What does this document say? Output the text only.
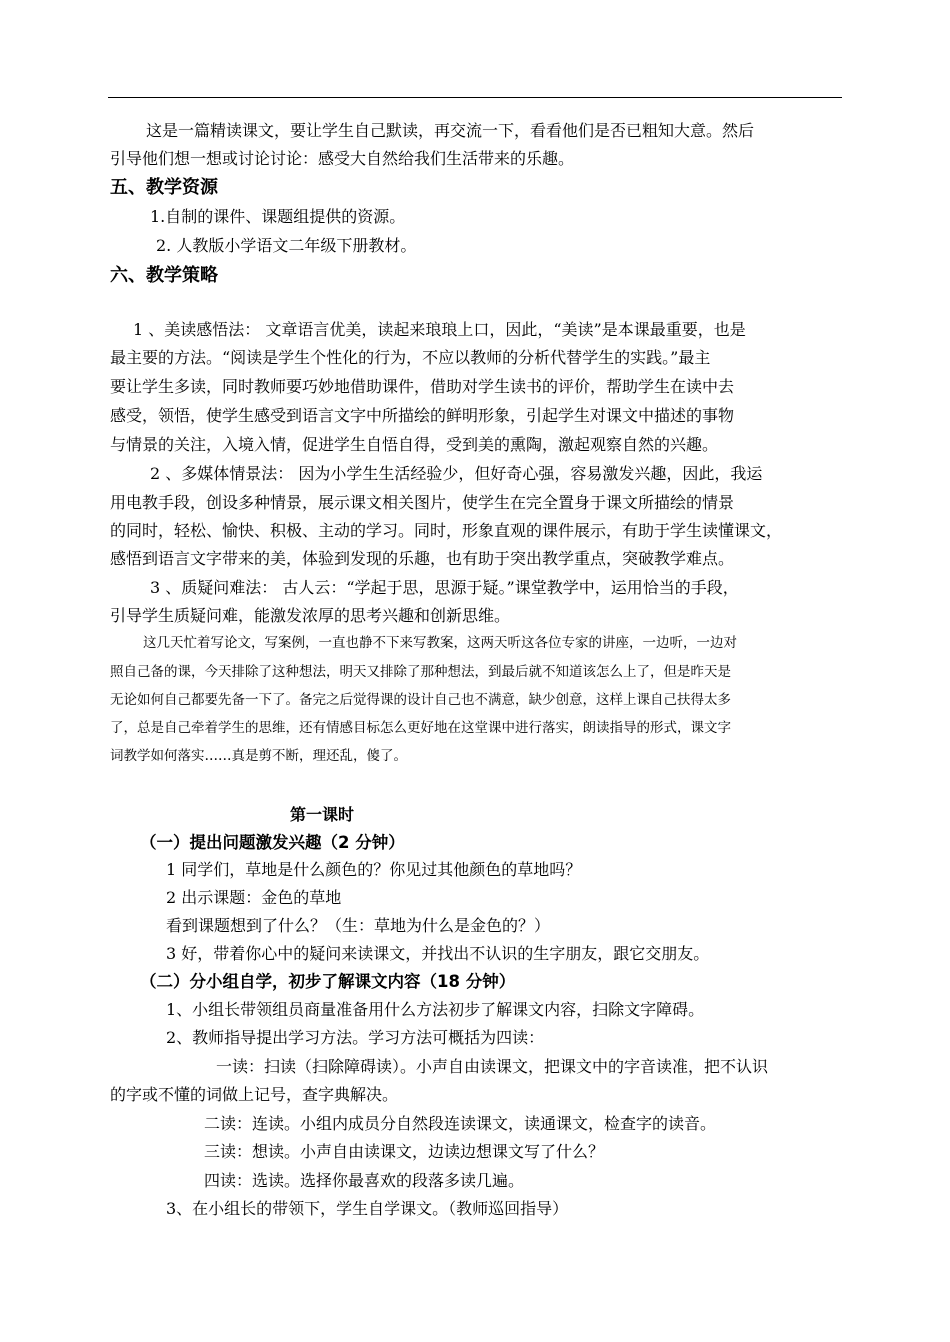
这是一篇精读课文，要让学生自己默读，再交流一下，看看他们是否已粗知大意。然后
引导他们想一想或讨论讨论：感受大自然给我们生活带来的乐趣。
五、教学资源
1.自制的课件、课题组提供的资源。
2. 人教版小学语文二年级下册教材。
六、教学策略
1 、美读感悟法： 文章语言优美，读起来琅琅上口，因此，“美读”是本课最重要，也是
最主要的方法。“阅读是学生个性化的行为，不应以教师的分析代替学生的实践。”最主
要让学生多读，同时教师要巧妙地借助课件，借助对学生读书的评价，帮助学生在读中去
感受，领悟，使学生感受到语言文字中所描绘的鲜明形象，引起学生对课文中描述的事物
与情景的关注，入境入情，促进学生自悟自得，受到美的熏陶，激起观察自然的兴趣。
2 、多媒体情景法： 因为小学生生活经验少，但好奇心强，容易激发兴趣，因此，我运
用电教手段，创设多种情景，展示课文相关图片，使学生在完全置身于课文所描绘的情景
的同时，轻松、愉快、积极、主动的学习。同时，形象直观的课件展示，有助于学生读懂课文，
感悟到语言文字带来的美，体验到发现的乐趣，也有助于突出教学重点，突破教学难点。
3 、质疑问难法： 古人云：“学起于思，思源于疑。”课堂教学中，运用恰当的手段，
引导学生质疑问难，能激发浓厚的思考兴趣和创新思维。
这几天忙着写论文，写案例，一直也静不下来写教案，这两天听这各位专家的讲座，一边听，一边对
照自己备的课，今天排除了这种想法，明天又排除了那种想法，到最后就不知道该怎么上了，但是昨天是
无论如何自己都要先备一下了。备完之后觉得课的设计自己也不满意，缺少创意，这样上课自己扶得太多
了，总是自己牵着学生的思维，还有情感目标怎么更好地在这堂课中进行落实，朗读指导的形式，课文字
词教学如何落实……真是剪不断，理还乱，傻了。
第一课时
（一）提出问题激发兴趣（2 分钟）
1 同学们，草地是什么颜色的？你见过其他颜色的草地吗？
2 出示课题：金色的草地
看到课题想到了什么？（生：草地为什么是金色的？）
3 好，带着你心中的疑问来读课文，并找出不认识的生字朋友，跟它交朋友。
（二）分小组自学，初步了解课文内容（18 分钟）
1、小组长带领组员商量准备用什么方法初步了解课文内容，扫除文字障碍。
2、教师指导提出学习方法。学习方法可概括为四读：
一读：扫读（扫除障碍读）。小声自由读课文，把课文中的字音读准，把不认识
的字或不懂的词做上记号，查字典解决。
二读：连读。小组内成员分自然段连读课文，读通课文，检查字的读音。
三读：想读。小声自由读课文，边读边想课文写了什么？
四读：选读。选择你最喜欢的段落多读几遍。
3、在小组长的带领下，学生自学课文。（教师巡回指导）
